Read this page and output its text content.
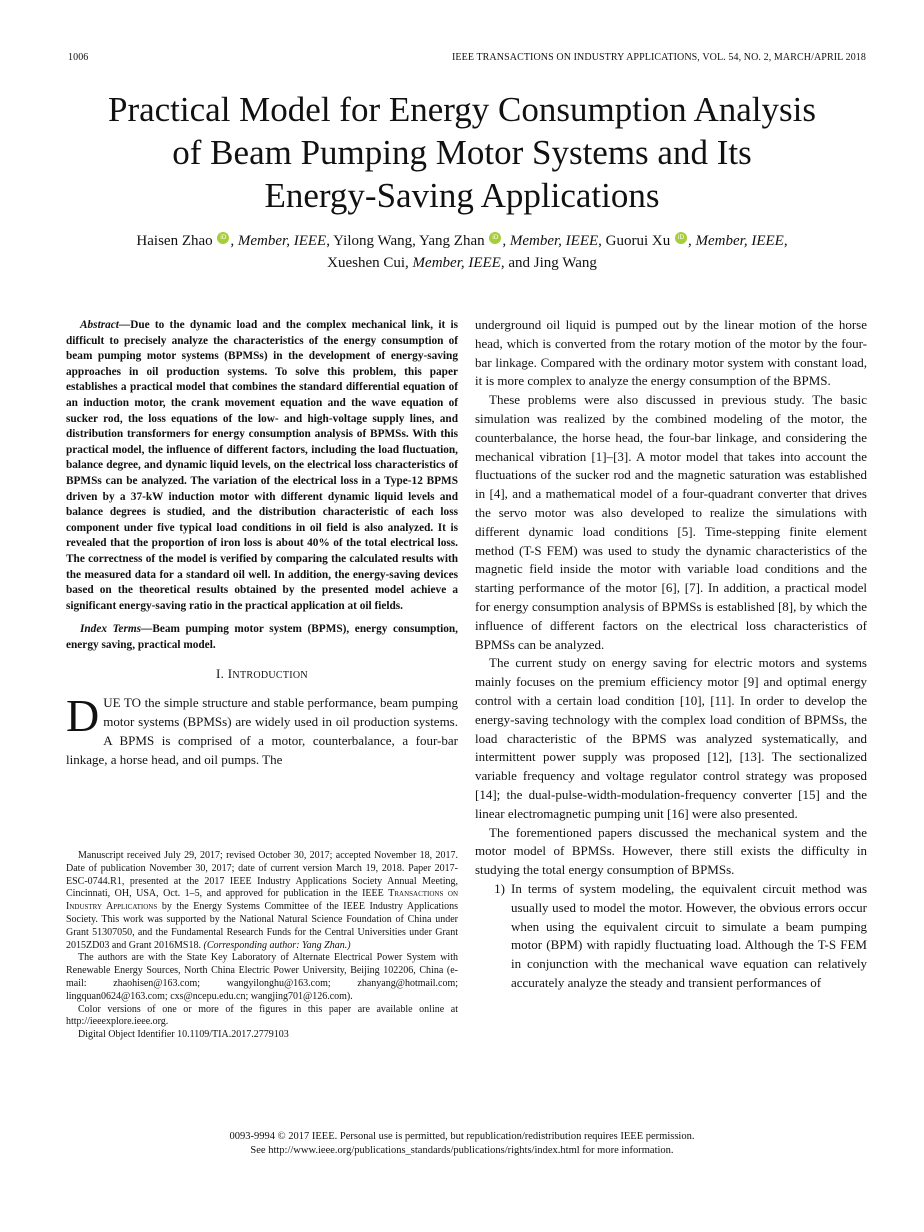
1006	IEEE TRANSACTIONS ON INDUSTRY APPLICATIONS, VOL. 54, NO. 2, MARCH/APRIL 2018
Practical Model for Energy Consumption Analysis
of Beam Pumping Motor Systems and Its
Energy-Saving Applications
Haisen Zhao iD , Member, IEEE, Yilong Wang, Yang Zhan iD , Member, IEEE, Guorui Xu iD , Member, IEEE,
Xueshen Cui, Member, IEEE, and Jing Wang

Abstract—Due to the dynamic load and the complex mechanical link, it is difficult to precisely analyze the characteristics of the energy consumption of beam pumping motor systems (BPMSs) in the development of energy-saving approaches in oil production systems. To solve this problem, this paper establishes a practical model that combines the standard differential equation of an induction motor, the crank movement equation and the wave equation of sucker rod, the loss equations of the low- and high-voltage supply lines, and distribution transformers for energy consumption analysis of BPMSs. With this practical model, the influence of different factors, including the load fluctuation, balance degree, and dynamic liquid levels, on the electrical loss characteristics of BPMSs can be analyzed. The variation of the electrical loss in a Type-12 BPMS driven by a 37-kW induction motor with different dynamic liquid levels and balance degrees is studied, and the distribution characteristic of each loss component under five typical load conditions in oil field is also analyzed. It is revealed that the proportion of iron loss is about 40% of the total electrical loss. The correctness of the model is verified by comparing the calculated results with the measured data for a standard oil well. In addition, the energy-saving devices based on the theoretical results obtained by the presented model achieve a significant energy-saving ratio in the practical application at oil fields.

Index Terms—Beam pumping motor system (BPMS), energy consumption, energy saving, practical model.

I. INTRODUCTION

DUE TO the simple structure and stable performance, beam pumping motor systems (BPMSs) are widely used in oil production systems. A BPMS is comprised of a motor, counterbalance, a four-bar linkage, a horse head, and oil pumps. The

Manuscript received July 29, 2017; revised October 30, 2017; accepted November 18, 2017. Date of publication November 30, 2017; date of current version March 19, 2018. Paper 2017-ESC-0744.R1, presented at the 2017 IEEE Industry Applications Society Annual Meeting, Cincinnati, OH, USA, Oct. 1–5, and approved for publication in the IEEE Transactions on Industry Applications by the Energy Systems Committee of the IEEE Industry Applications Society. This work was supported by the National Natural Science Foundation of China under Grant 51307050, and the Fundamental Research Funds for the Central Universities under Grant 2015ZD03 and Grant 2016MS18. (Corresponding author: Yang Zhan.)

The authors are with the State Key Laboratory of Alternate Electrical Power System with Renewable Energy Sources, North China Electric Power University, Beijing 102206, China (e-mail: zhaohisen@163.com; wangyilonghu@163.com; zhanyang@hotmail.com; lingquan0624@163.com; cxs@ncepu.edu.cn; wangjing701@126.com).

Color versions of one or more of the figures in this paper are available online at http://ieeexplore.ieee.org.

Digital Object Identifier 10.1109/TIA.2017.2779103

underground oil liquid is pumped out by the linear motion of the horse head, which is converted from the rotary motion of the motor by the four-bar linkage. Compared with the ordinary motor system with constant load, it is more complex to analyze the energy consumption of the BPMS.

These problems were also discussed in previous study. The basic simulation was realized by the combined modeling of the motor, the counterbalance, the horse head, the four-bar linkage, and considering the mechanical vibration [1]–[3]. A motor model that takes into account the fluctuations of the sucker rod and the magnetic saturation was established in [4], and a mathematical model of a four-quadrant converter that drives the servo motor was also developed to realize the simulations with different dynamic load conditions [5]. Time-stepping finite element method (T-S FEM) was used to study the dynamic characteristics of the magnetic field inside the motor with variable load conditions and the starting performance of the motor [6], [7]. In addition, a practical model for energy consumption analysis of BPMSs is established [8], by which the influence of different factors on the electrical loss characteristics of BPMSs can be analyzed.

The current study on energy saving for electric motors and systems mainly focuses on the premium efficiency motor [9] and optimal energy control with a certain load condition [10], [11]. In order to develop the energy-saving technology with the complex load condition of BPMSs, the load characteristic of the BPMS was analyzed systematically, and intermittent power supply was proposed [12], [13]. The sectionalized variable frequency and voltage regulator control strategy was proposed [14]; the dual-pulse-width-modulation-frequency converter [15] and the linear electromagnetic pumping unit [16] were also presented.

The forementioned papers discussed the mechanical system and the motor model of BPMSs. However, there still exists the difficulty in studying the total energy consumption of BPMSs.

1) In terms of system modeling, the equivalent circuit method was usually used to model the motor. However, the obvious errors occur when using the equivalent circuit to simulate a beam pumping motor (BPM) with rapidly fluctuating load. Although the T-S FEM in conjunction with the mechanical wave equation can relatively accurately analyze the steady and transient performances of
0093-9994 © 2017 IEEE. Personal use is permitted, but republication/redistribution requires IEEE permission.
See http://www.ieee.org/publications_standards/publications/rights/index.html for more information.
